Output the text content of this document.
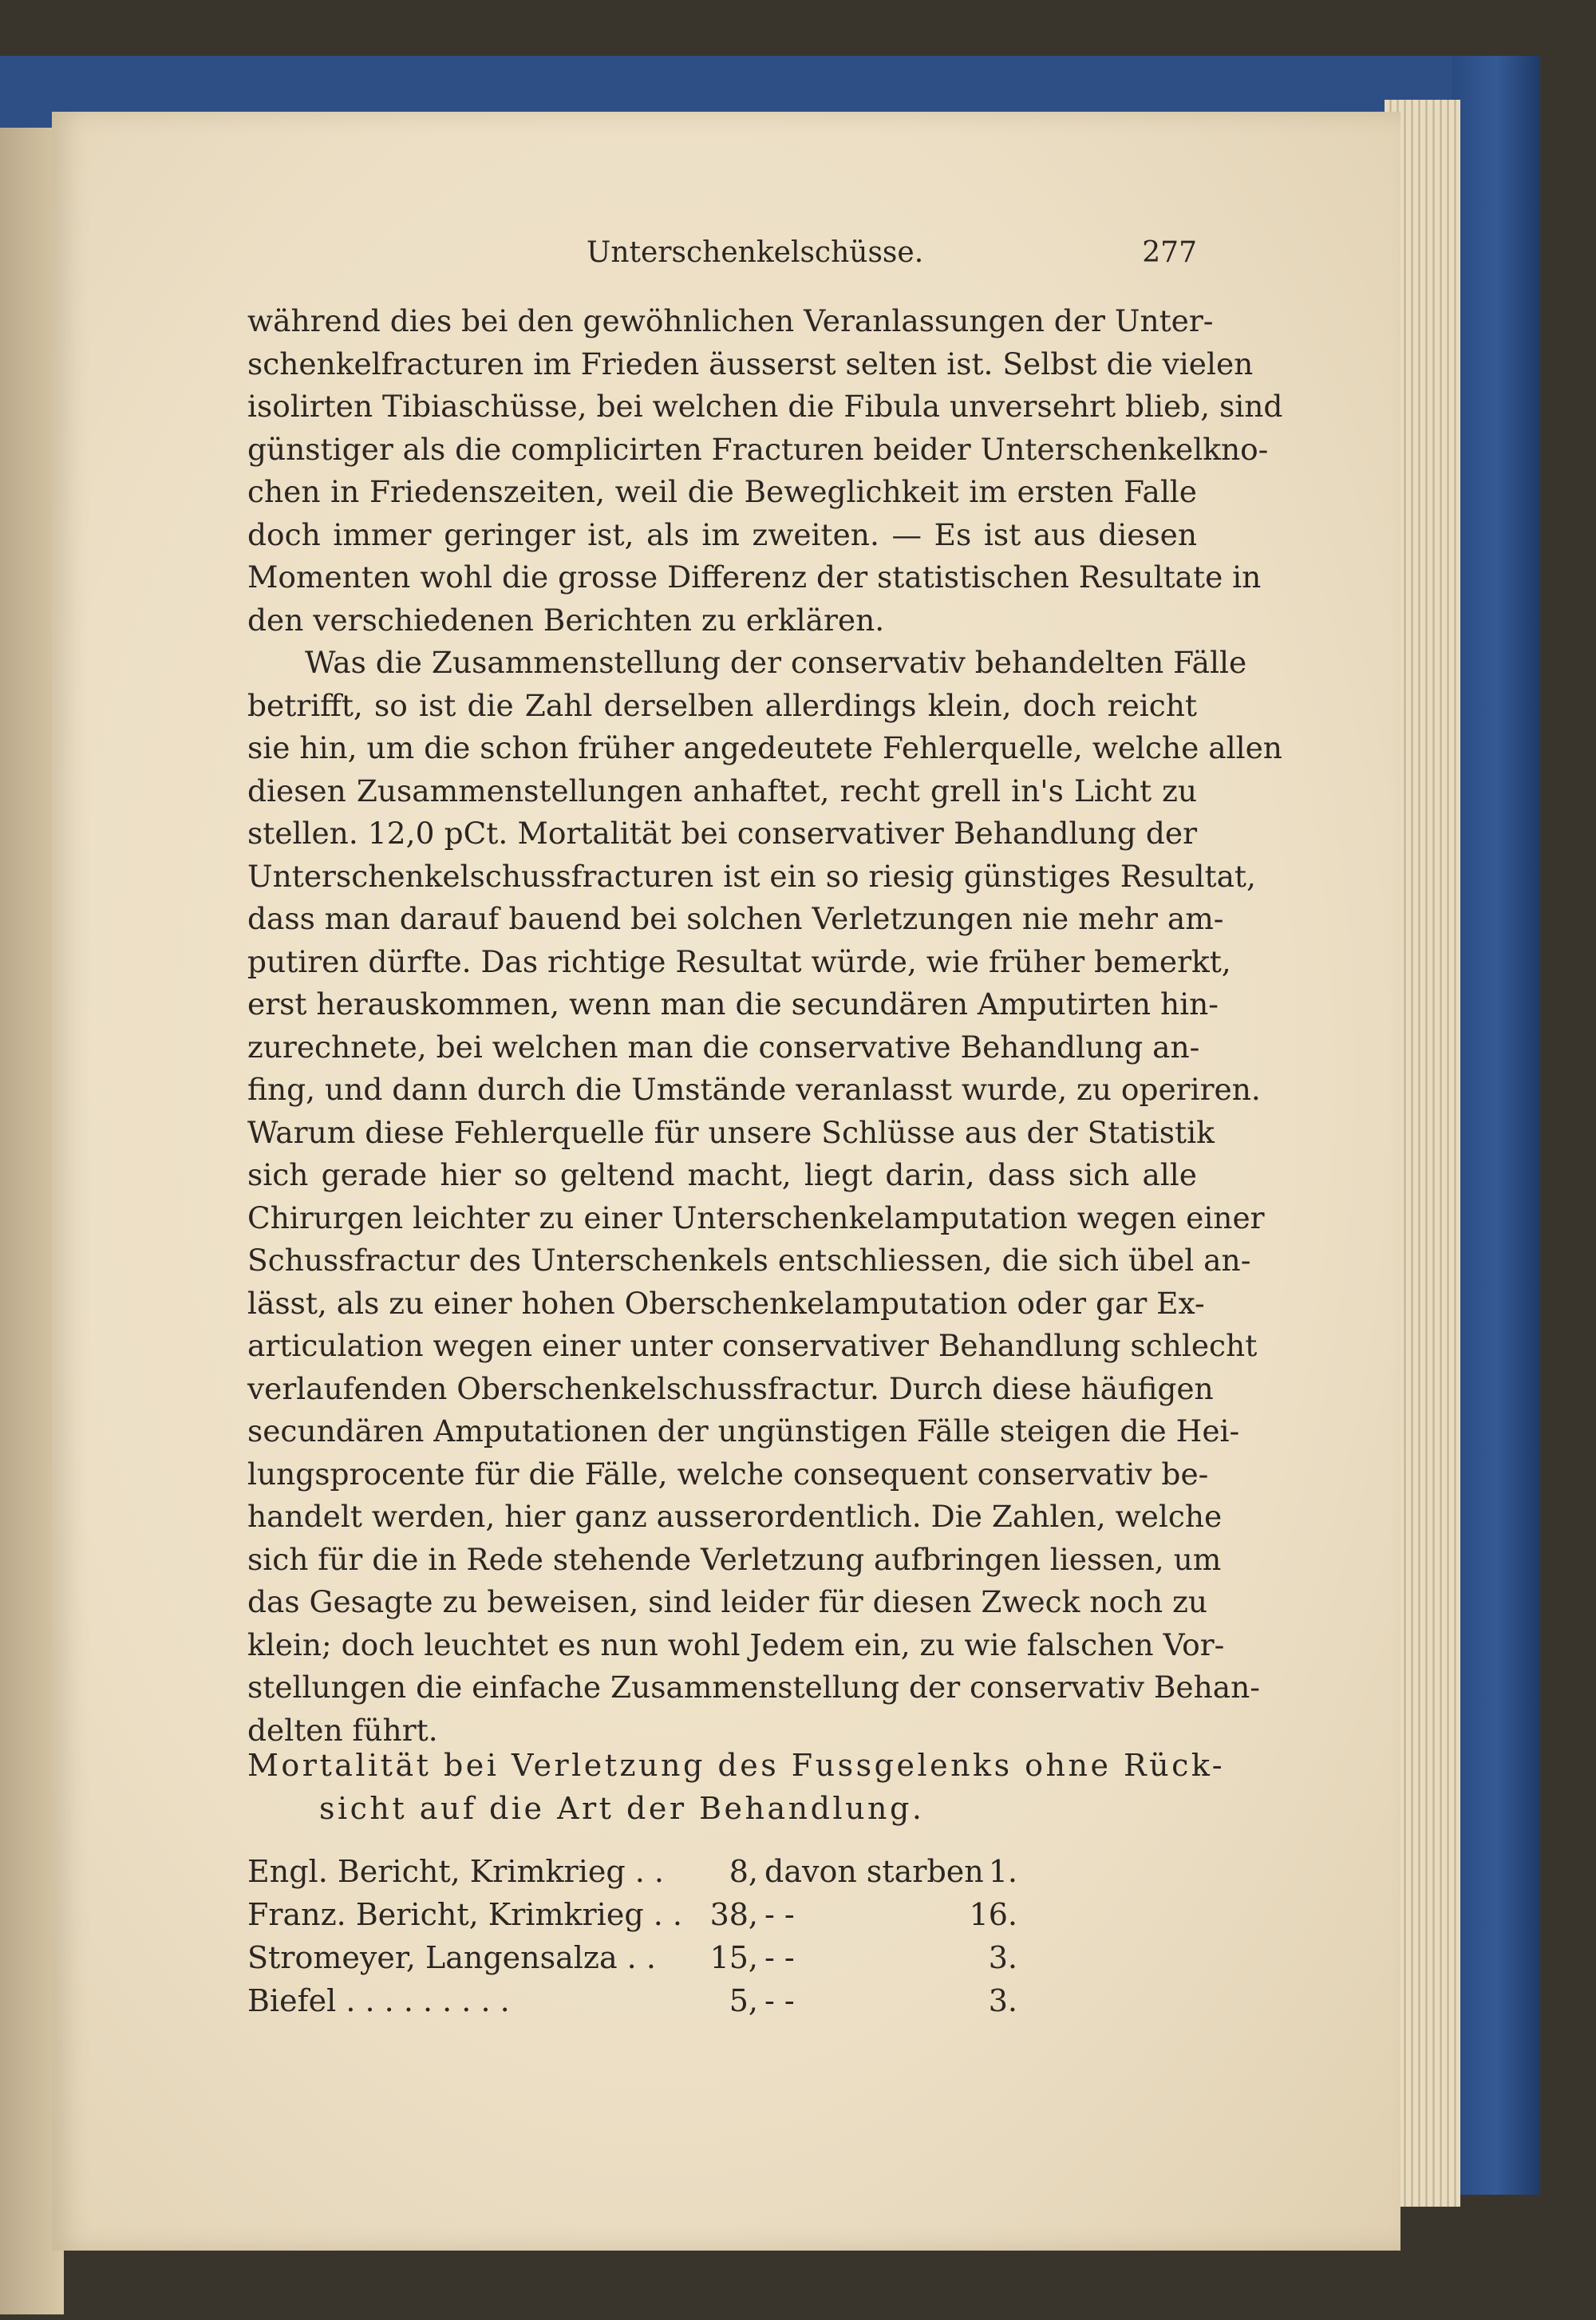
Unterschenkelschüsse.	277
während dies bei den gewöhnlichen Veranlassungen der Unter-
schenkelfracturen im Frieden äusserst selten ist. Selbst die vielen
isolirten Tibiaschüsse, bei welchen die Fibula unversehrt blieb, sind
günstiger als die complicirten Fracturen beider Unterschenkelkno-
chen in Friedenszeiten, weil die Beweglichkeit im ersten Falle
doch immer geringer ist, als im zweiten. — Es ist aus diesen
Momenten wohl die grosse Differenz der statistischen Resultate in
den verschiedenen Berichten zu erklären.
Was die Zusammenstellung der conservativ behandelten Fälle
betrifft, so ist die Zahl derselben allerdings klein, doch reicht
sie hin, um die schon früher angedeutete Fehlerquelle, welche allen
diesen Zusammenstellungen anhaftet, recht grell in's Licht zu
stellen. 12,0 pCt. Mortalität bei conservativer Behandlung der
Unterschenkelschussfracturen ist ein so riesig günstiges Resultat,
dass man darauf bauend bei solchen Verletzungen nie mehr am-
putiren dürfte. Das richtige Resultat würde, wie früher bemerkt,
erst herauskommen, wenn man die secundären Amputirten hin-
zurechnete, bei welchen man die conservative Behandlung an-
fing, und dann durch die Umstände veranlasst wurde, zu operiren.
Warum diese Fehlerquelle für unsere Schlüsse aus der Statistik
sich gerade hier so geltend macht, liegt darin, dass sich alle
Chirurgen leichter zu einer Unterschenkelamputation wegen einer
Schussfractur des Unterschenkels entschliessen, die sich übel an-
lässt, als zu einer hohen Oberschenkelamputation oder gar Ex-
articulation wegen einer unter conservativer Behandlung schlecht
verlaufenden Oberschenkelschussfractur. Durch diese häufigen
secundären Amputationen der ungünstigen Fälle steigen die Hei-
lungsprocente für die Fälle, welche consequent conservativ be-
handelt werden, hier ganz ausserordentlich. Die Zahlen, welche
sich für die in Rede stehende Verletzung aufbringen liessen, um
das Gesagte zu beweisen, sind leider für diesen Zweck noch zu
klein; doch leuchtet es nun wohl Jedem ein, zu wie falschen Vor-
stellungen die einfache Zusammenstellung der conservativ Behan-
delten führt.
Mortalität bei Verletzung des Fussgelenks ohne Rück-
sicht auf die Art der Behandlung.
Engl. Bericht, Krimkrieg . .	8, davon starben 1.
Franz. Bericht, Krimkrieg . . 38, - -	16.
Stromeyer, Langensalza . .	15, - -	3.
Biefel . . . . . . . . .	5, - -	3.
